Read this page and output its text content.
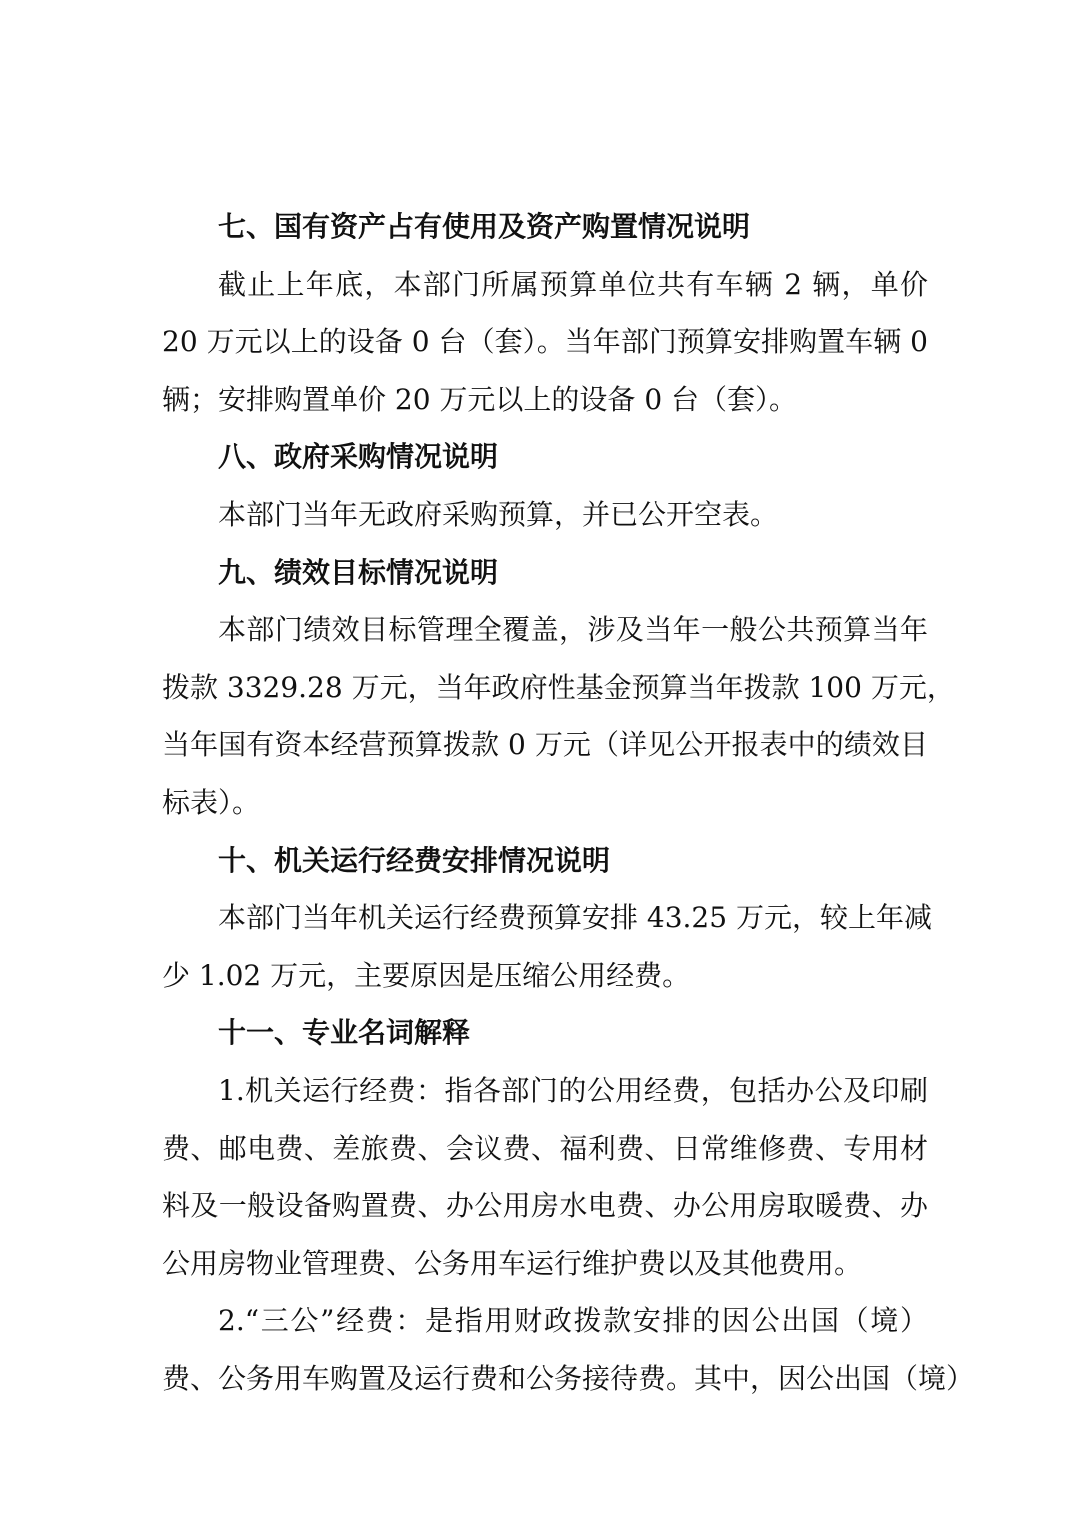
七、国有资产占有使用及资产购置情况说明
截止上年底，本部门所属预算单位共有车辆 2 辆，单价
20 万元以上的设备 0 台（套）。当年部门预算安排购置车辆 0
辆；安排购置单价 20 万元以上的设备 0 台（套）。
八、政府采购情况说明
本部门当年无政府采购预算，并已公开空表。
九、绩效目标情况说明
本部门绩效目标管理全覆盖，涉及当年一般公共预算当年
拨款 3329.28 万元，当年政府性基金预算当年拨款 100 万元，
当年国有资本经营预算拨款 0 万元（详见公开报表中的绩效目
标表）。
十、机关运行经费安排情况说明
本部门当年机关运行经费预算安排 43.25 万元，较上年减
少 1.02 万元，主要原因是压缩公用经费。
十一、专业名词解释
1.机关运行经费：指各部门的公用经费，包括办公及印刷
费、邮电费、差旅费、会议费、福利费、日常维修费、专用材
料及一般设备购置费、办公用房水电费、办公用房取暖费、办
公用房物业管理费、公务用车运行维护费以及其他费用。
2.“三公”经费：是指用财政拨款安排的因公出国（境）
费、公务用车购置及运行费和公务接待费。其中，因公出国（境）
